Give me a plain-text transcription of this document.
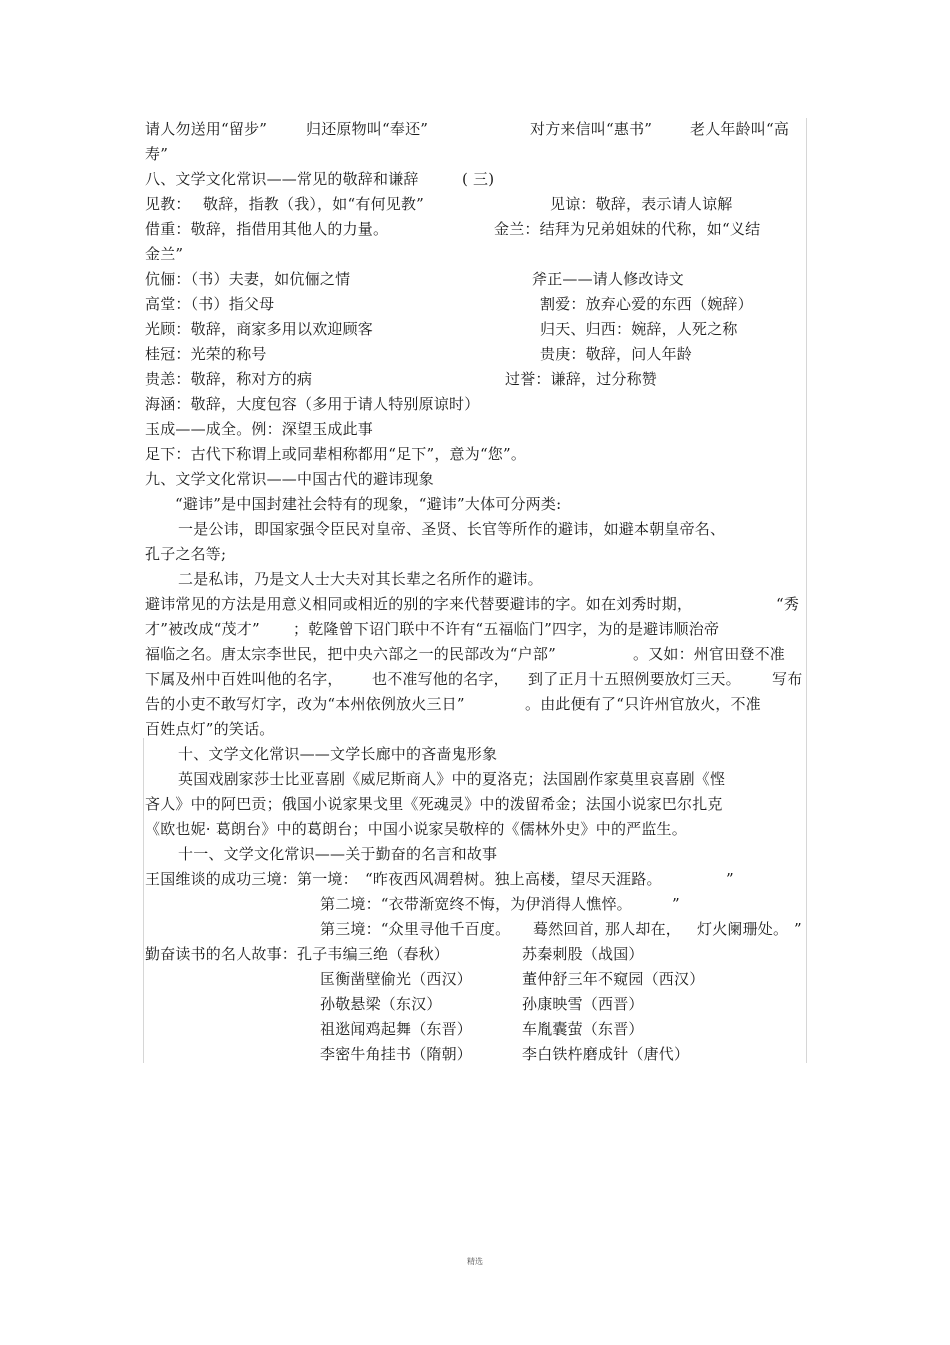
请人勿送用“留步”	归还原物叫“奉还”	对方来信叫“惠书”	老人年龄叫“高
寿”
八、文学文化常识——常见的敬辞和谦辞	( 三)
见教： 敬辞，指教（我），如“有何见教”	见谅：敬辞，表示请人谅解
借重：敬辞，指借用其他人的力量。	金兰：结拜为兄弟姐妹的代称，如“义结
金兰”
伉俪：（书）夫妻，如伉俪之情	斧正——请人修改诗文
高堂：（书）指父母	割爱：放弃心爱的东西（婉辞）
光顾：敬辞，商家多用以欢迎顾客	归天、归西：婉辞，人死之称
桂冠：光荣的称号	贵庚：敬辞，问人年龄
贵恙：敬辞，称对方的病	过誉：谦辞，过分称赞
海涵：敬辞，大度包容（多用于请人特别原谅时）
玉成——成全。例：深望玉成此事
足下：古代下称谓上或同辈相称都用“足下”，意为“您”。
九、文学文化常识——中国古代的避讳现象
“避讳”是中国封建社会特有的现象，“避讳”大体可分两类:
一是公讳，即国家强令臣民对皇帝、圣贤、长官等所作的避讳，如避本朝皇帝名、
孔子之名等;
二是私讳，乃是文人士大夫对其长辈之名所作的避讳。
避讳常见的方法是用意义相同或相近的别的字来代替要避讳的字。如在刘秀时期，	“秀
才”被改成“茂才” ；乾隆曾下诏门联中不许有“五福临门”四字，为的是避讳顺治帝
福临之名。唐太宗李世民，把中央六部之一的民部改为“户部”	。又如：州官田登不准
下属及州中百姓叫他的名字， 也不准写他的名字， 到了正月十五照例要放灯三天。 写布
告的小吏不敢写灯字，改为“本州依例放火三日”	。由此便有了“只许州官放火，不准
百姓点灯”的笑话。
十、文学文化常识——文学长廊中的吝啬鬼形象
英国戏剧家莎士比亚喜剧《威尼斯商人》中的夏洛克；法国剧作家莫里哀喜剧《悭
吝人》中的阿巴贡；俄国小说家果戈里《死魂灵》中的泼留希金；法国小说家巴尔扎克
《欧也妮· 葛朗台》中的葛朗台；中国小说家吴敬梓的《儒林外史》中的严监生。
十一、文学文化常识——关于勤奋的名言和故事
王国维谈的成功三境：第一境： “昨夜西风凋碧树。独上高楼，望尽天涯路。	”
第二境：“衣带渐宽终不悔，为伊消得人憔悴。	”
第三境：“众里寻他千百度。 蓦然回首，
那人却在， 灯火阑珊处。 ”
勤奋读书的名人故事：孔子韦编三绝（春秋）	苏秦刺股（战国）
匡衡凿壁偷光（西汉）	董仲舒三年不窥园（西汉）
孙敬悬梁（东汉）	孙康映雪（西晋）
祖逖闻鸡起舞（东晋）	车胤囊萤（东晋）
李密牛角挂书（隋朝）	李白铁杵磨成针（唐代）
精选
